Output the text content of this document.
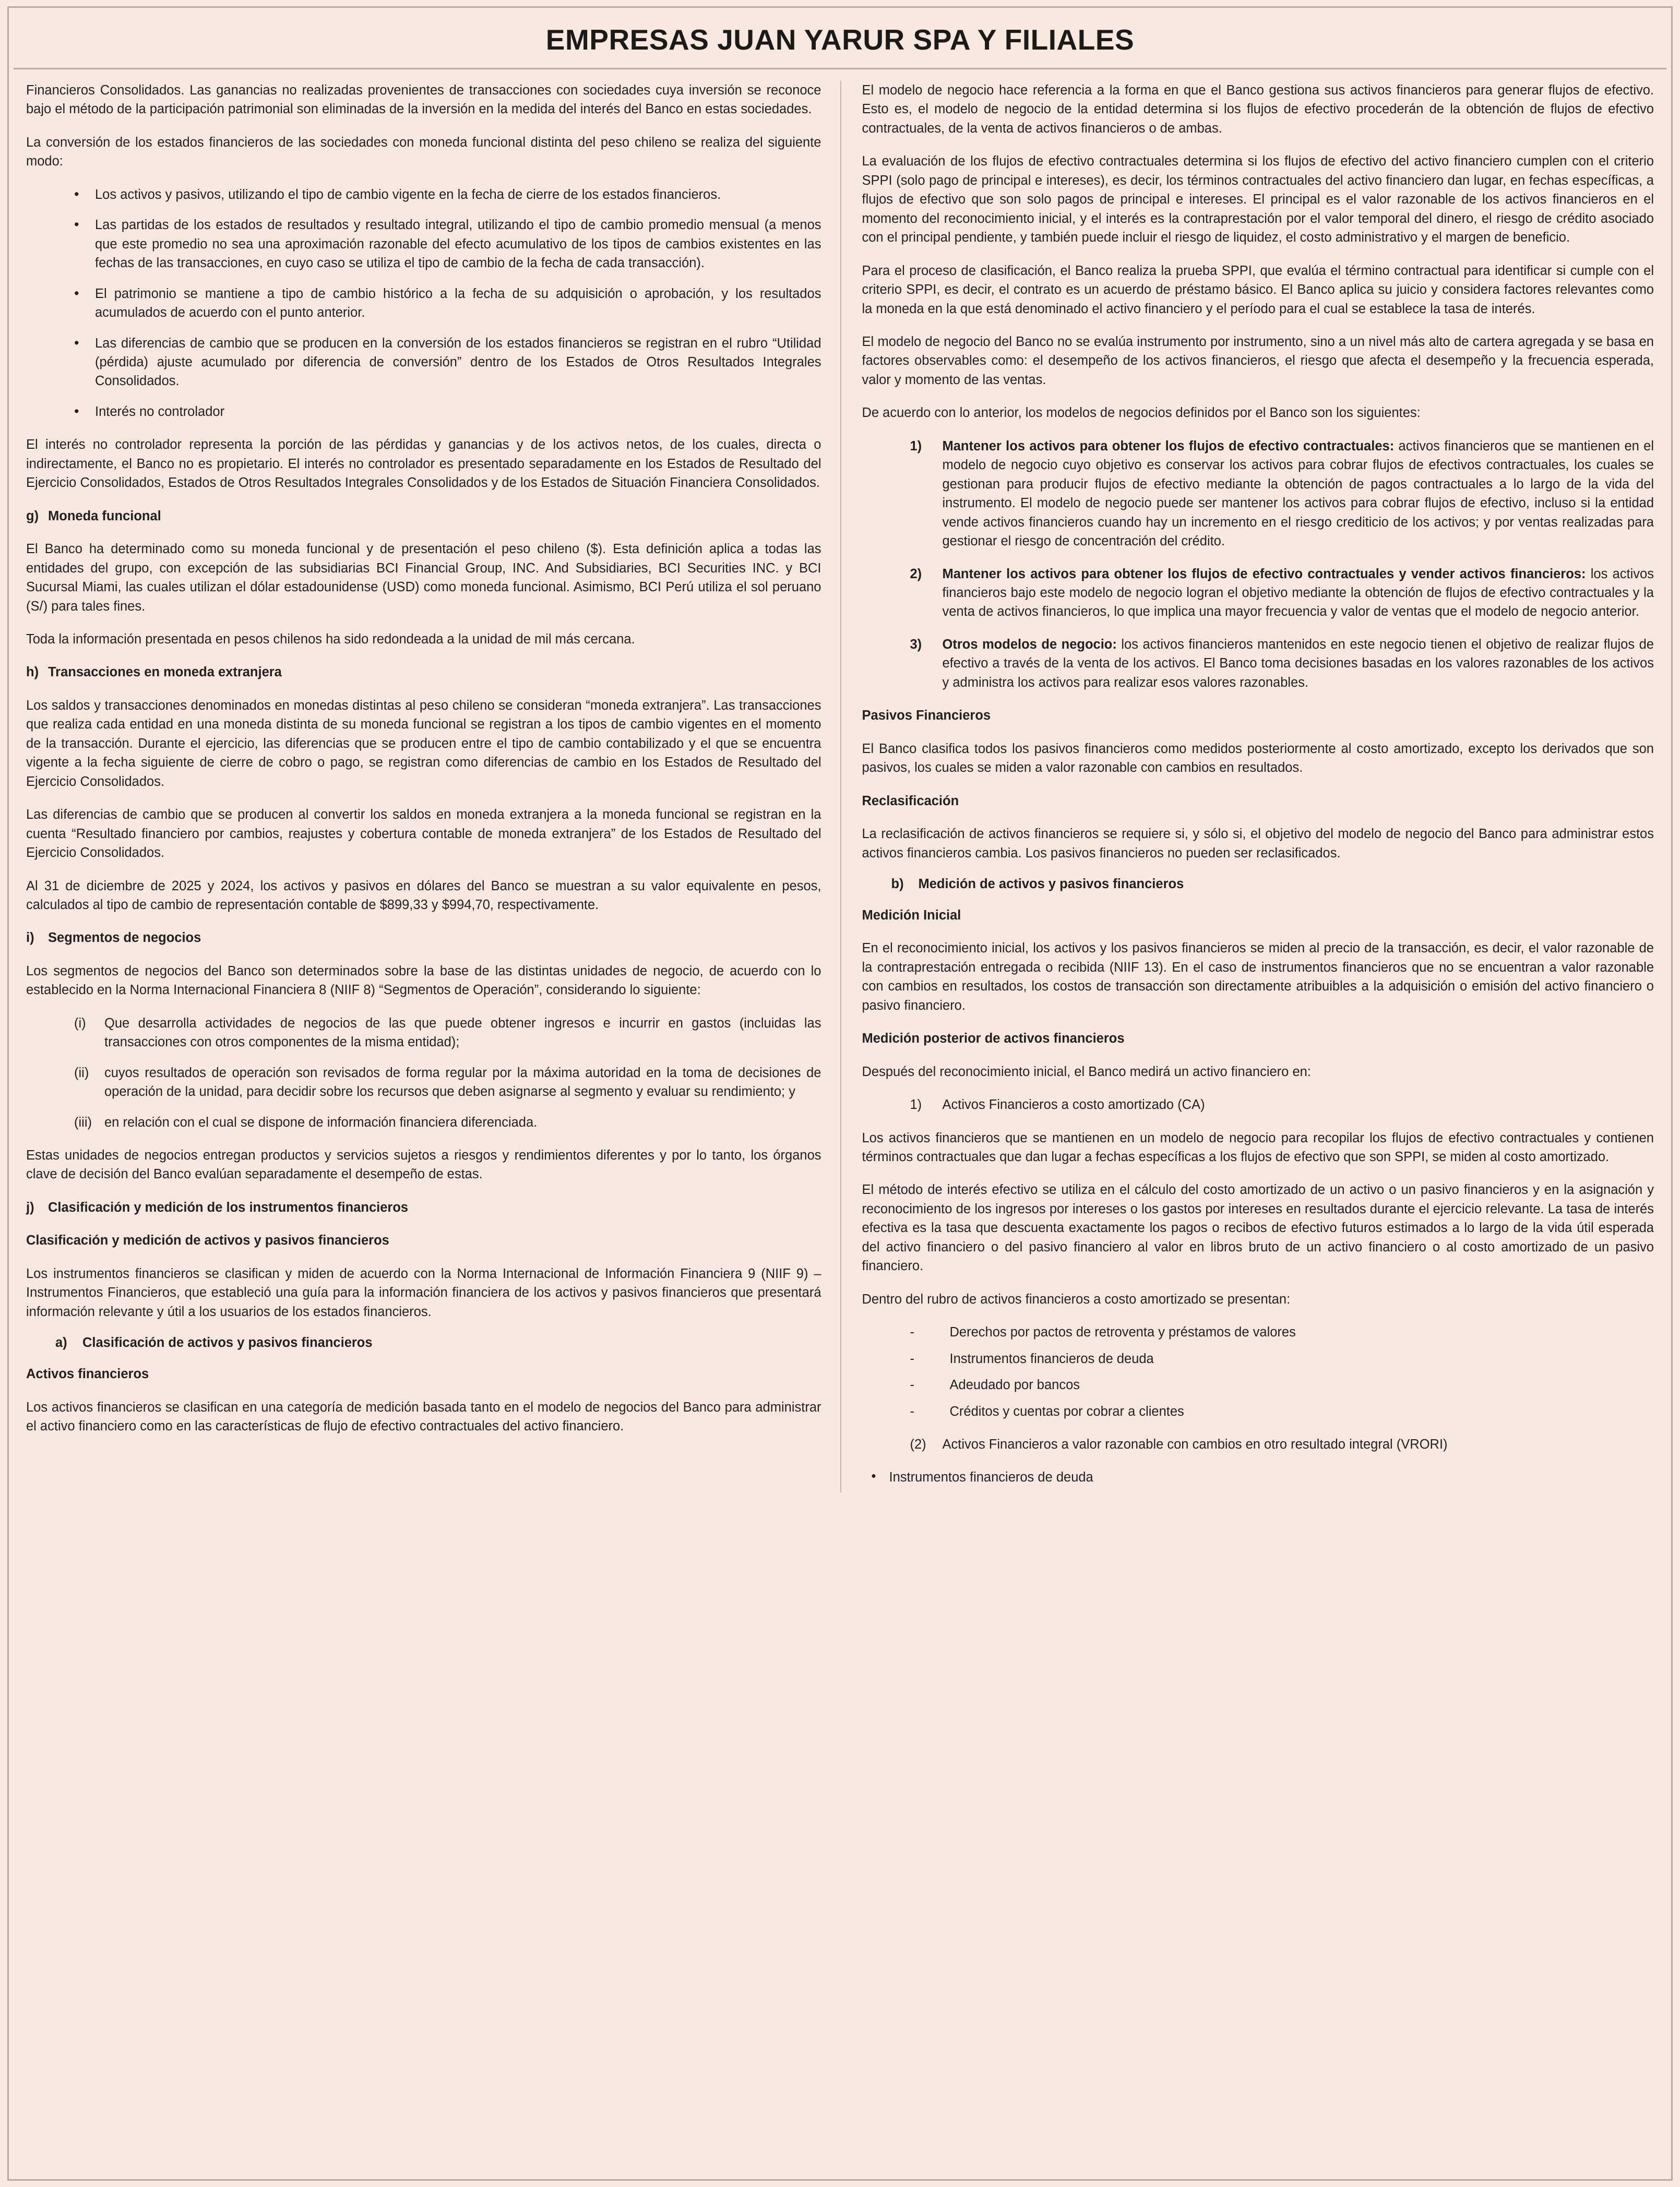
EMPRESAS JUAN YARUR SPA Y FILIALES

Financieros Consolidados. Las ganancias no realizadas provenientes de transacciones con sociedades cuya inversión se reconoce bajo el método de la participación patrimonial son eliminadas de la inversión en la medida del interés del Banco en estas sociedades.

La conversión de los estados financieros de las sociedades con moneda funcional distinta del peso chileno se realiza del siguiente modo:

• Los activos y pasivos, utilizando el tipo de cambio vigente en la fecha de cierre de los estados financieros.
• Las partidas de los estados de resultados y resultado integral, utilizando el tipo de cambio promedio mensual (a menos que este promedio no sea una aproximación razonable del efecto acumulativo de los tipos de cambios existentes en las fechas de las transacciones, en cuyo caso se utiliza el tipo de cambio de la fecha de cada transacción).
• El patrimonio se mantiene a tipo de cambio histórico a la fecha de su adquisición o aprobación, y los resultados acumulados de acuerdo con el punto anterior.
• Las diferencias de cambio que se producen en la conversión de los estados financieros se registran en el rubro “Utilidad (pérdida) ajuste acumulado por diferencia de conversión” dentro de los Estados de Otros Resultados Integrales Consolidados.
• Interés no controlador

El interés no controlador representa la porción de las pérdidas y ganancias y de los activos netos, de los cuales, directa o indirectamente, el Banco no es propietario. El interés no controlador es presentado separadamente en los Estados de Resultado del Ejercicio Consolidados, Estados de Otros Resultados Integrales Consolidados y de los Estados de Situación Financiera Consolidados.

g) Moneda funcional

El Banco ha determinado como su moneda funcional y de presentación el peso chileno ($). Esta definición aplica a todas las entidades del grupo, con excepción de las subsidiarias BCI Financial Group, INC. And Subsidiaries, BCI Securities INC. y BCI Sucursal Miami, las cuales utilizan el dólar estadounidense (USD) como moneda funcional. Asimismo, BCI Perú utiliza el sol peruano (S/) para tales fines.

Toda la información presentada en pesos chilenos ha sido redondeada a la unidad de mil más cercana.

h) Transacciones en moneda extranjera

Los saldos y transacciones denominados en monedas distintas al peso chileno se consideran “moneda extranjera”. Las transacciones que realiza cada entidad en una moneda distinta de su moneda funcional se registran a los tipos de cambio vigentes en el momento de la transacción. Durante el ejercicio, las diferencias que se producen entre el tipo de cambio contabilizado y el que se encuentra vigente a la fecha siguiente de cierre de cobro o pago, se registran como diferencias de cambio en los Estados de Resultado del Ejercicio Consolidados.

Las diferencias de cambio que se producen al convertir los saldos en moneda extranjera a la moneda funcional se registran en la cuenta “Resultado financiero por cambios, reajustes y cobertura contable de moneda extranjera” de los Estados de Resultado del Ejercicio Consolidados.

Al 31 de diciembre de 2025 y 2024, los activos y pasivos en dólares del Banco se muestran a su valor equivalente en pesos, calculados al tipo de cambio de representación contable de $899,33 y $994,70, respectivamente.

i) Segmentos de negocios

Los segmentos de negocios del Banco son determinados sobre la base de las distintas unidades de negocio, de acuerdo con lo establecido en la Norma Internacional Financiera 8 (NIIF 8) “Segmentos de Operación”, considerando lo siguiente:

(i)	Que desarrolla actividades de negocios de las que puede obtener ingresos e incurrir en gastos (incluidas las transacciones con otros componentes de la misma entidad);
(ii)	cuyos resultados de operación son revisados de forma regular por la máxima autoridad en la toma de decisiones de operación de la unidad, para decidir sobre los recursos que deben asignarse al segmento y evaluar su rendimiento; y
(iii) en relación con el cual se dispone de información financiera diferenciada.

Estas unidades de negocios entregan productos y servicios sujetos a riesgos y rendimientos diferentes y por lo tanto, los órganos clave de decisión del Banco evalúan separadamente el desempeño de estas.

j) Clasificación y medición de los instrumentos financieros
Clasificación y medición de activos y pasivos financieros

Los instrumentos financieros se clasifican y miden de acuerdo con la Norma Internacional de Información Financiera 9 (NIIF 9) – Instrumentos Financieros, que estableció una guía para la información financiera de los activos y pasivos financieros que presentará información relevante y útil a los usuarios de los estados financieros.

a) Clasificación de activos y pasivos financieros
Activos financieros

Los activos financieros se clasifican en una categoría de medición basada tanto en el modelo de negocios del Banco para administrar el activo financiero como en las características de flujo de efectivo contractuales del activo financiero.

El modelo de negocio hace referencia a la forma en que el Banco gestiona sus activos financieros para generar flujos de efectivo. Esto es, el modelo de negocio de la entidad determina si los flujos de efectivo procederán de la obtención de flujos de efectivo contractuales, de la venta de activos financieros o de ambas.

La evaluación de los flujos de efectivo contractuales determina si los flujos de efectivo del activo financiero cumplen con el criterio SPPI (solo pago de principal e intereses), es decir, los términos contractuales del activo financiero dan lugar, en fechas específicas, a flujos de efectivo que son solo pagos de principal e intereses. El principal es el valor razonable de los activos financieros en el momento del reconocimiento inicial, y el interés es la contraprestación por el valor temporal del dinero, el riesgo de crédito asociado con el principal pendiente, y también puede incluir el riesgo de liquidez, el costo administrativo y el margen de beneficio.

Para el proceso de clasificación, el Banco realiza la prueba SPPI, que evalúa el término contractual para identificar si cumple con el criterio SPPI, es decir, el contrato es un acuerdo de préstamo básico. El Banco aplica su juicio y considera factores relevantes como la moneda en la que está denominado el activo financiero y el período para el cual se establece la tasa de interés.

El modelo de negocio del Banco no se evalúa instrumento por instrumento, sino a un nivel más alto de cartera agregada y se basa en factores observables como: el desempeño de los activos financieros, el riesgo que afecta el desempeño y la frecuencia esperada, valor y momento de las ventas.

De acuerdo con lo anterior, los modelos de negocios definidos por el Banco son los siguientes:

1)	Mantener los activos para obtener los flujos de efectivo contractuales: activos financieros que se mantienen en el modelo de negocio cuyo objetivo es conservar los activos para cobrar flujos de efectivos contractuales, los cuales se gestionan para producir flujos de efectivo mediante la obtención de pagos contractuales a lo largo de la vida del instrumento. El modelo de negocio puede ser mantener los activos para cobrar flujos de efectivo, incluso si la entidad vende activos financieros cuando hay un incremento en el riesgo crediticio de los activos; y por ventas realizadas para gestionar el riesgo de concentración del crédito.
2)	Mantener los activos para obtener los flujos de efectivo contractuales y vender activos financieros: los activos financieros bajo este modelo de negocio logran el objetivo mediante la obtención de flujos de efectivo contractuales y la venta de activos financieros, lo que implica una mayor frecuencia y valor de ventas que el modelo de negocio anterior.
3)	Otros modelos de negocio: los activos financieros mantenidos en este negocio tienen el objetivo de realizar flujos de efectivo a través de la venta de los activos. El Banco toma decisiones basadas en los valores razonables de los activos y administra los activos para realizar esos valores razonables.
Pasivos Financieros

El Banco clasifica todos los pasivos financieros como medidos posteriormente al costo amortizado, excepto los derivados que son pasivos, los cuales se miden a valor razonable con cambios en resultados.

Reclasificación

La reclasificación de activos financieros se requiere si, y sólo si, el objetivo del modelo de negocio del Banco para administrar estos activos financieros cambia. Los pasivos financieros no pueden ser reclasificados.

b) Medición de activos y pasivos financieros
Medición Inicial

En el reconocimiento inicial, los activos y los pasivos financieros se miden al precio de la transacción, es decir, el valor razonable de la contraprestación entregada o recibida (NIIF 13). En el caso de instrumentos financieros que no se encuentran a valor razonable con cambios en resultados, los costos de transacción son directamente atribuibles a la adquisición o emisión del activo financiero o pasivo financiero.

Medición posterior de activos financieros

Después del reconocimiento inicial, el Banco medirá un activo financiero en:

1) Activos Financieros a costo amortizado (CA)

Los activos financieros que se mantienen en un modelo de negocio para recopilar los flujos de efectivo contractuales y contienen términos contractuales que dan lugar a fechas específicas a los flujos de efectivo que son SPPI, se miden al costo amortizado.

El método de interés efectivo se utiliza en el cálculo del costo amortizado de un activo o un pasivo financieros y en la asignación y reconocimiento de los ingresos por intereses o los gastos por intereses en resultados durante el ejercicio relevante. La tasa de interés efectiva es la tasa que descuenta exactamente los pagos o recibos de efectivo futuros estimados a lo largo de la vida útil esperada del activo financiero o del pasivo financiero al valor en libros bruto de un activo financiero o al costo amortizado de un pasivo financiero.

Dentro del rubro de activos financieros a costo amortizado se presentan:

- Derechos por pactos de retroventa y préstamos de valores
- Instrumentos financieros de deuda
- Adeudado por bancos
- Créditos y cuentas por cobrar a clientes
(2) Activos Financieros a valor razonable con cambios en otro resultado integral (VRORI)
• Instrumentos financieros de deuda
